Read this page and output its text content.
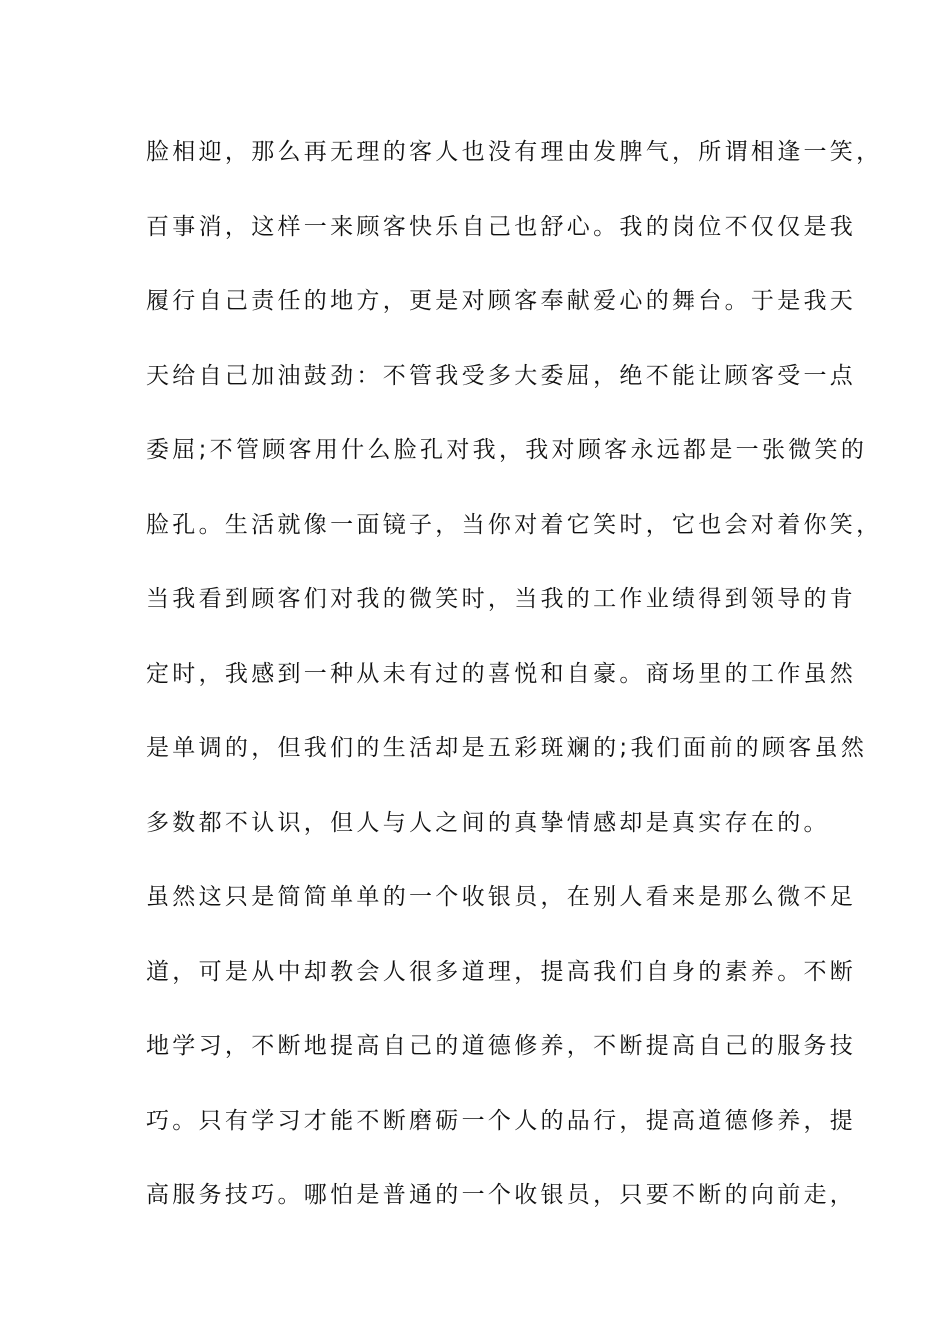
脸相迎，那么再无理的客人也没有理由发脾气，所谓相逢一笑，
百事消，这样一来顾客快乐自己也舒心。我的岗位不仅仅是我
履行自己责任的地方，更是对顾客奉献爱心的舞台。于是我天
天给自己加油鼓劲：不管我受多大委屈，绝不能让顾客受一点
委屈;不管顾客用什么脸孔对我，我对顾客永远都是一张微笑的
脸孔。生活就像一面镜子，当你对着它笑时，它也会对着你笑，
当我看到顾客们对我的微笑时，当我的工作业绩得到领导的肯
定时，我感到一种从未有过的喜悦和自豪。商场里的工作虽然
是单调的，但我们的生活却是五彩斑斓的;我们面前的顾客虽然
多数都不认识，但人与人之间的真挚情感却是真实存在的。
虽然这只是简简单单的一个收银员，在别人看来是那么微不足
道，可是从中却教会人很多道理，提高我们自身的素养。不断
地学习，不断地提高自己的道德修养，不断提高自己的服务技
巧。只有学习才能不断磨砺一个人的品行，提高道德修养，提
高服务技巧。哪怕是普通的一个收银员，只要不断的向前走，
